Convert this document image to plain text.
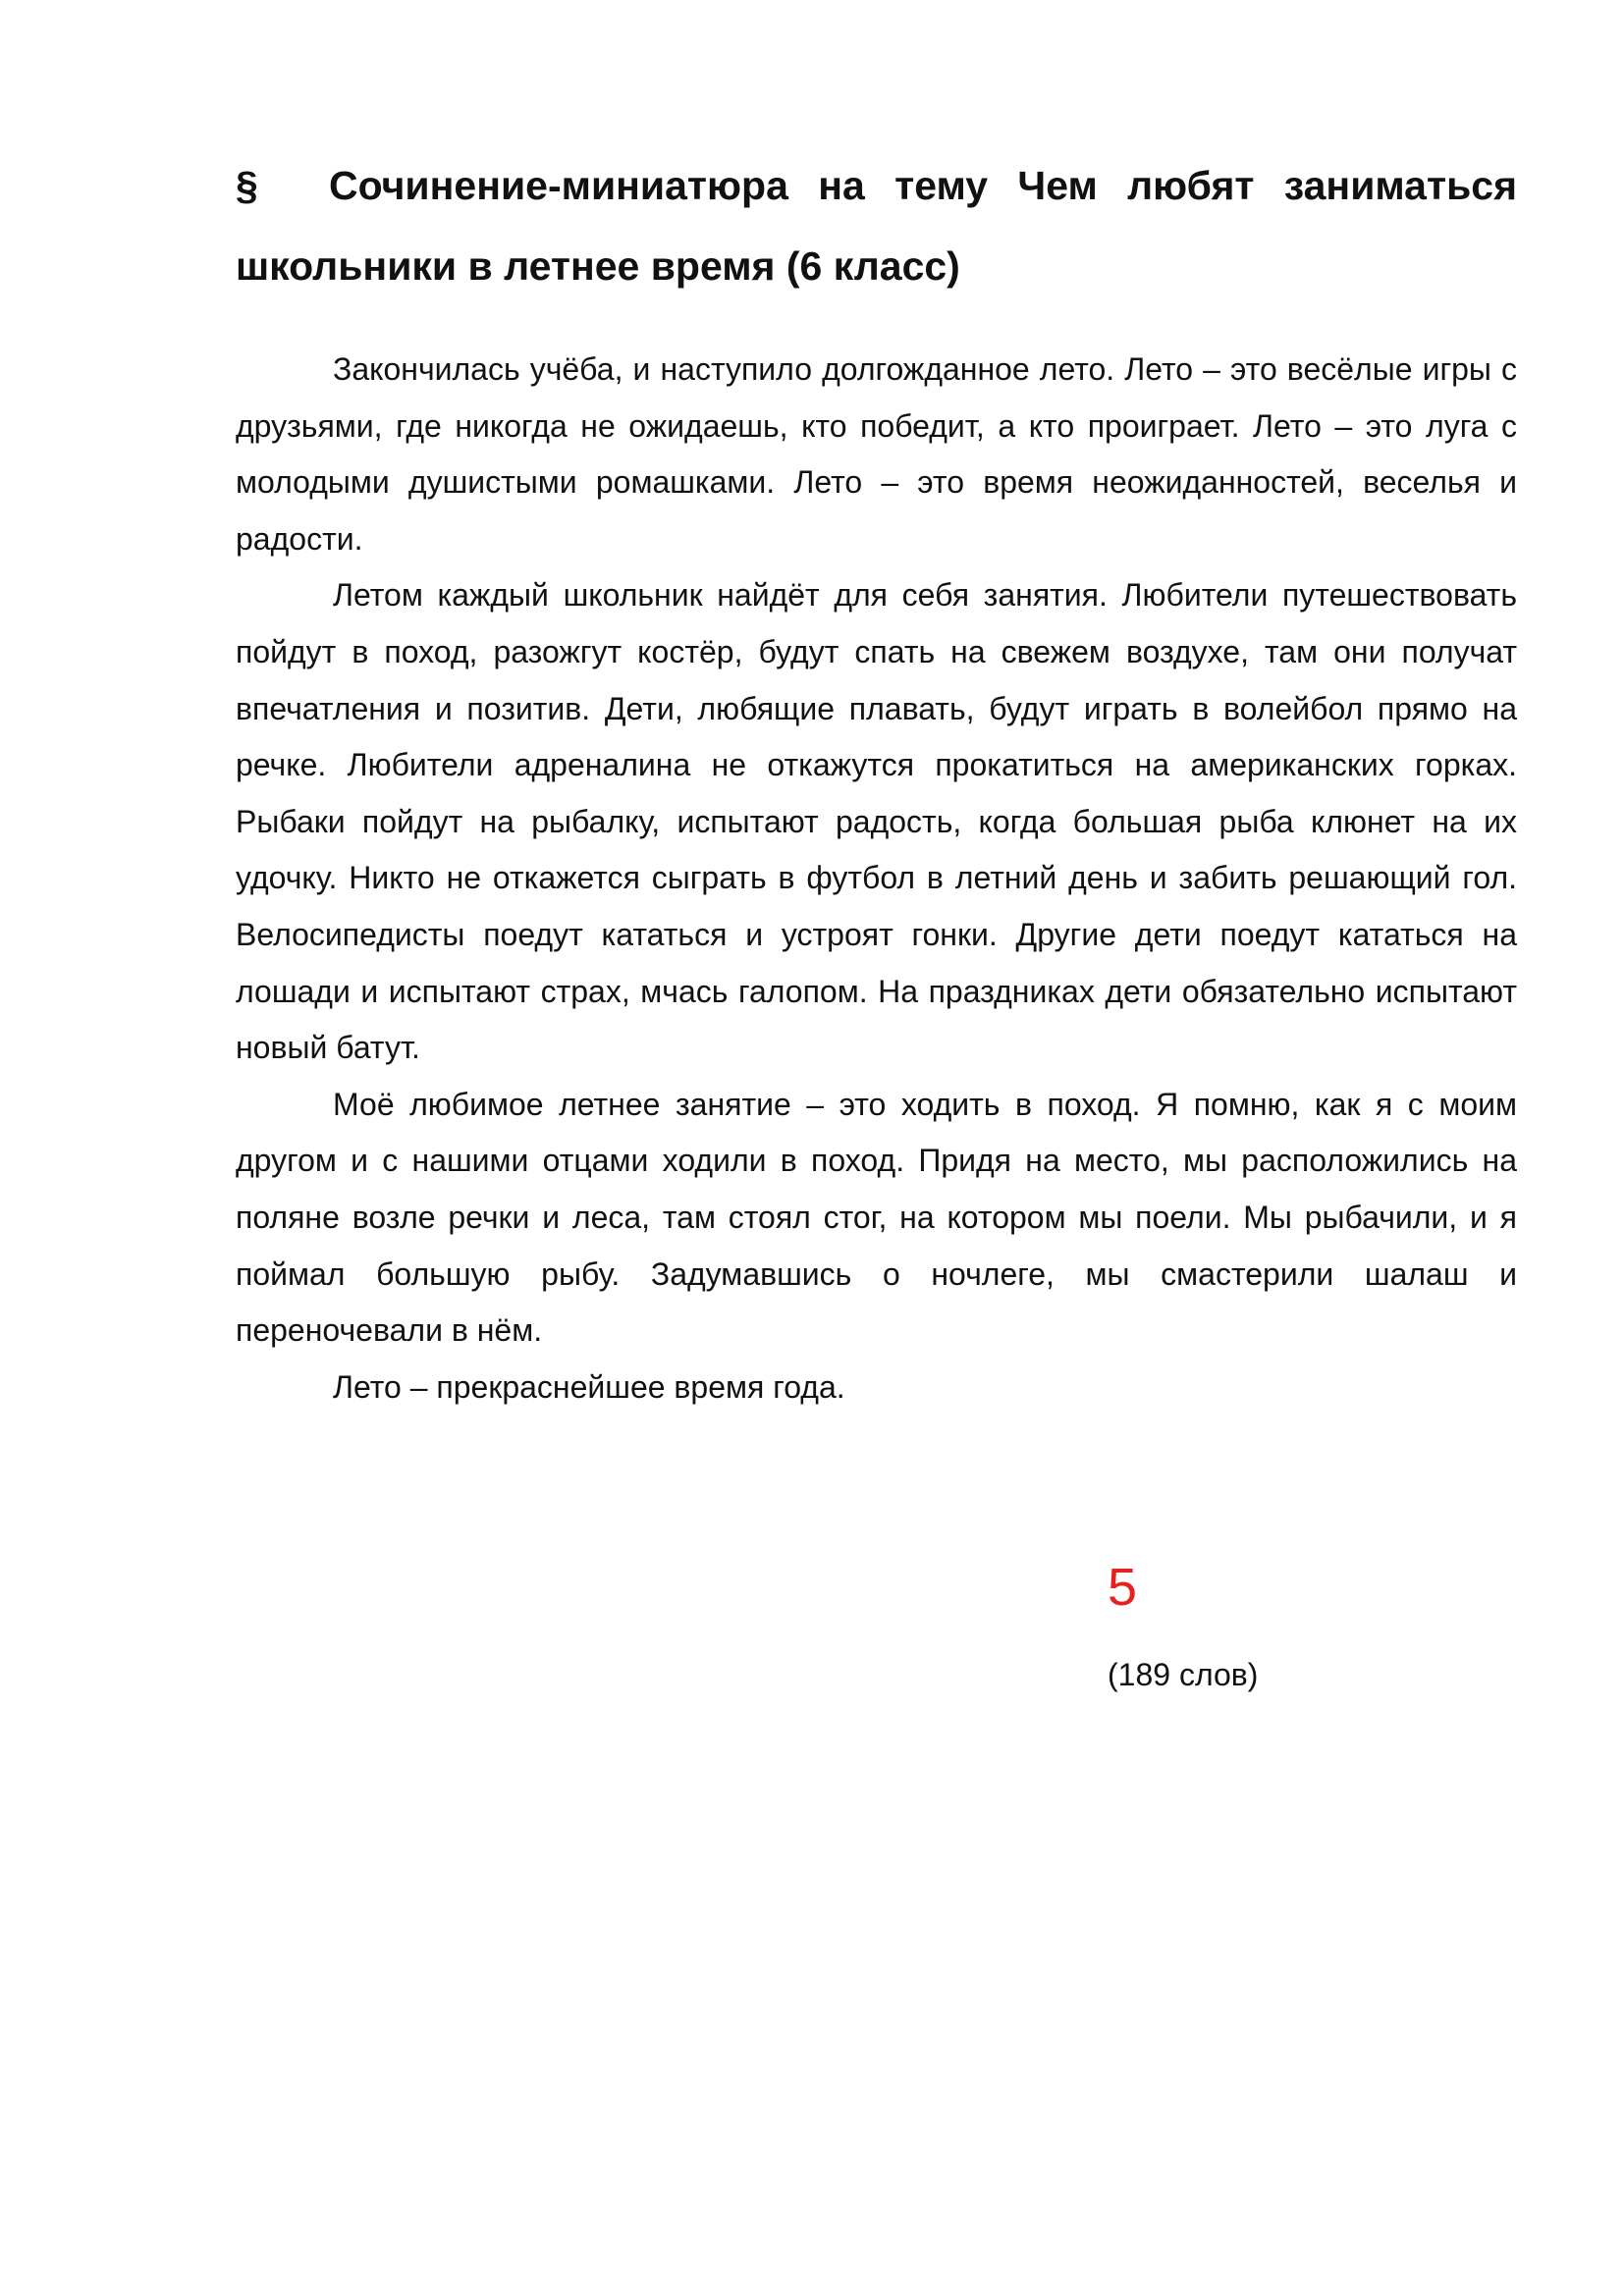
§ Сочинение-миниатюра на тему Чем любят заниматься школьники в летнее время (6 класс)

Закончилась учёба, и наступило долгожданное лето. Лето – это весёлые игры с друзьями, где никогда не ожидаешь, кто победит, а кто проиграет. Лето – это луга с молодыми душистыми ромашками. Лето – это время неожиданностей, веселья и радости.

Летом каждый школьник найдёт для себя занятия. Любители путешествовать пойдут в поход, разожгут костёр, будут спать на свежем воздухе, там они получат впечатления и позитив. Дети, любящие плавать, будут играть в волейбол прямо на речке. Любители адреналина не откажутся прокатиться на американских горках. Рыбаки пойдут на рыбалку, испытают радость, когда большая рыба клюнет на их удочку. Никто не откажется сыграть в футбол в летний день и забить решающий гол. Велосипедисты поедут кататься и устроят гонки. Другие дети поедут кататься на лошади и испытают страх, мчась галопом. На праздниках дети обязательно испытают новый батут.

Моё любимое летнее занятие – это ходить в поход. Я помню, как я с моим другом и с нашими отцами ходили в поход. Придя на место, мы расположились на поляне возле речки и леса, там стоял стог, на котором мы поели. Мы рыбачили, и я поймал большую рыбу. Задумавшись о ночлеге, мы смастерили шалаш и переночевали в нём.

Лето – прекраснейшее время года.

5
(189 слов)
